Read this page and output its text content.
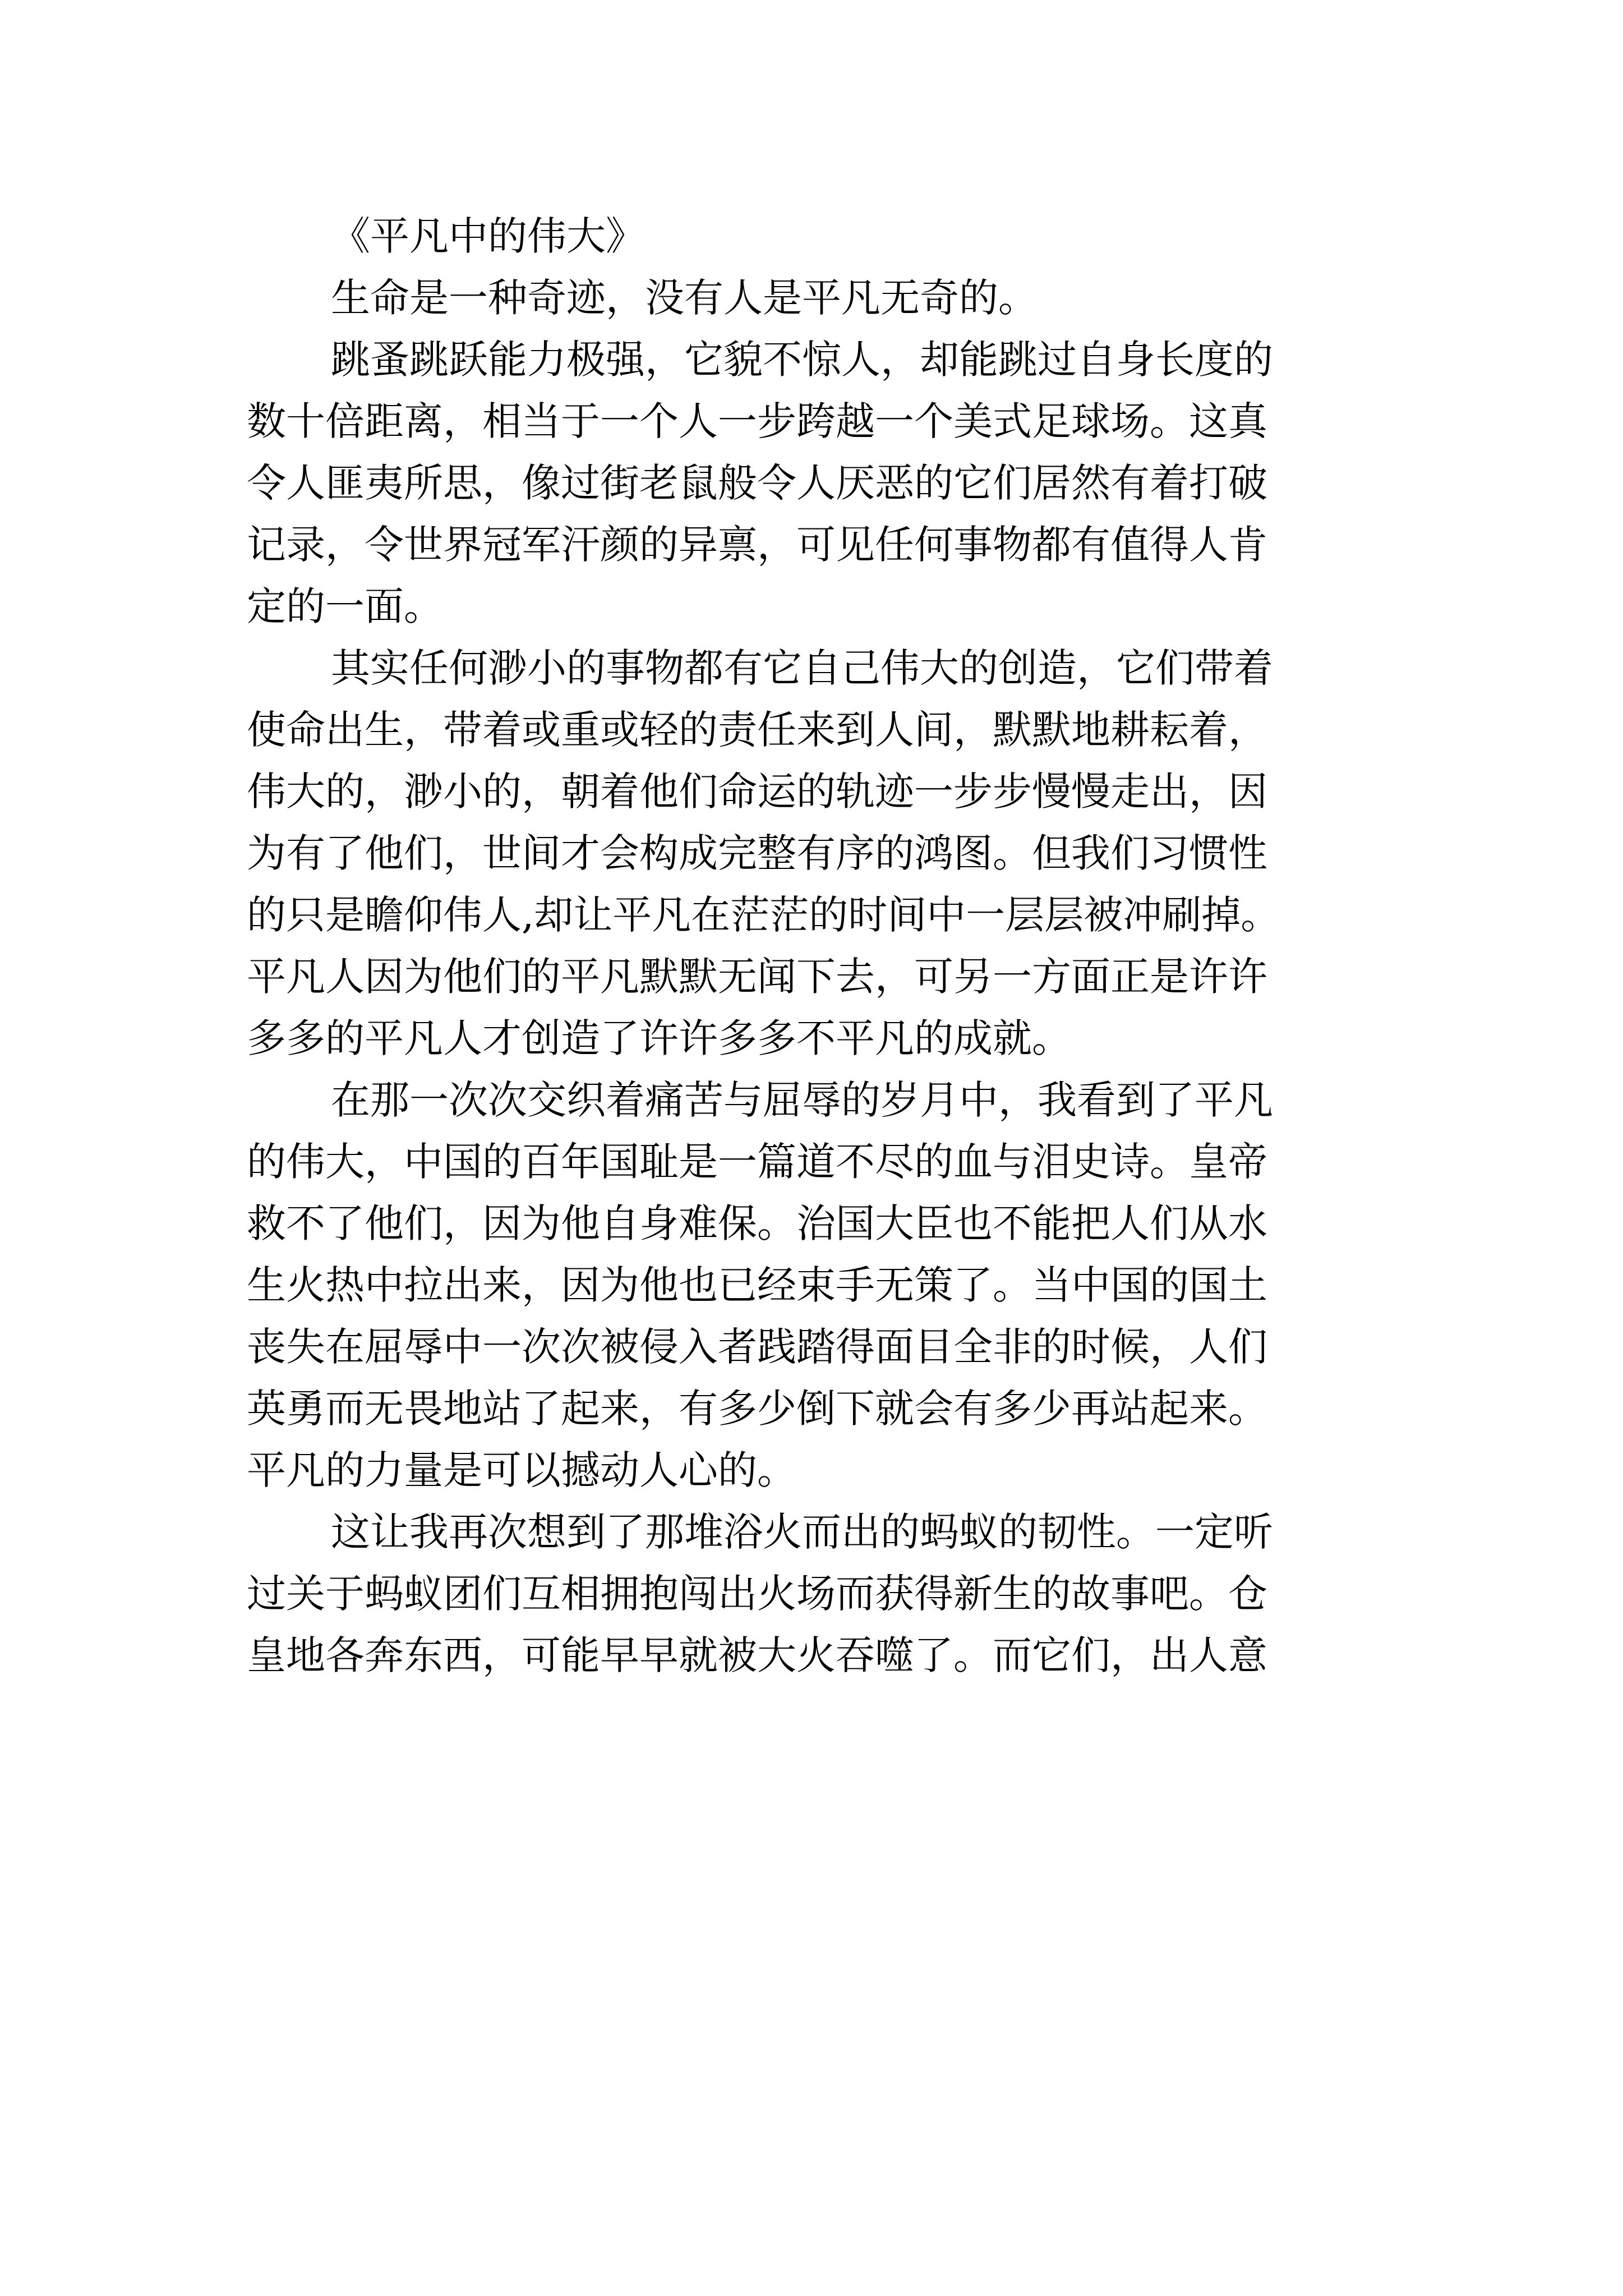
《平凡中的伟大》

生命是一种奇迹，没有人是平凡无奇的。

跳蚤跳跃能力极强，它貌不惊人，却能跳过自身长度的
数十倍距离，相当于一个人一步跨越一个美式足球场。这真
令人匪夷所思，像过街老鼠般令人厌恶的它们居然有着打破
记录，令世界冠军汗颜的异禀，可见任何事物都有值得人肯
定的一面。

其实任何渺小的事物都有它自己伟大的创造，它们带着
使命出生，带着或重或轻的责任来到人间，默默地耕耘着，
伟大的，渺小的，朝着他们命运的轨迹一步步慢慢走出，因
为有了他们，世间才会构成完整有序的鸿图。但我们习惯性
的只是瞻仰伟人,却让平凡在茫茫的时间中一层层被冲刷掉。
平凡人因为他们的平凡默默无闻下去，可另一方面正是许许
多多的平凡人才创造了许许多多不平凡的成就。

在那一次次交织着痛苦与屈辱的岁月中，我看到了平凡
的伟大，中国的百年国耻是一篇道不尽的血与泪史诗。皇帝
救不了他们，因为他自身难保。治国大臣也不能把人们从水
生火热中拉出来，因为他也已经束手无策了。当中国的国土
丧失在屈辱中一次次被侵入者践踏得面目全非的时候，人们
英勇而无畏地站了起来，有多少倒下就会有多少再站起来。
平凡的力量是可以撼动人心的。

这让我再次想到了那堆浴火而出的蚂蚁的韧性。一定听
过关于蚂蚁团们互相拥抱闯出火场而获得新生的故事吧。仓
皇地各奔东西，可能早早就被大火吞噬了。而它们，出人意
